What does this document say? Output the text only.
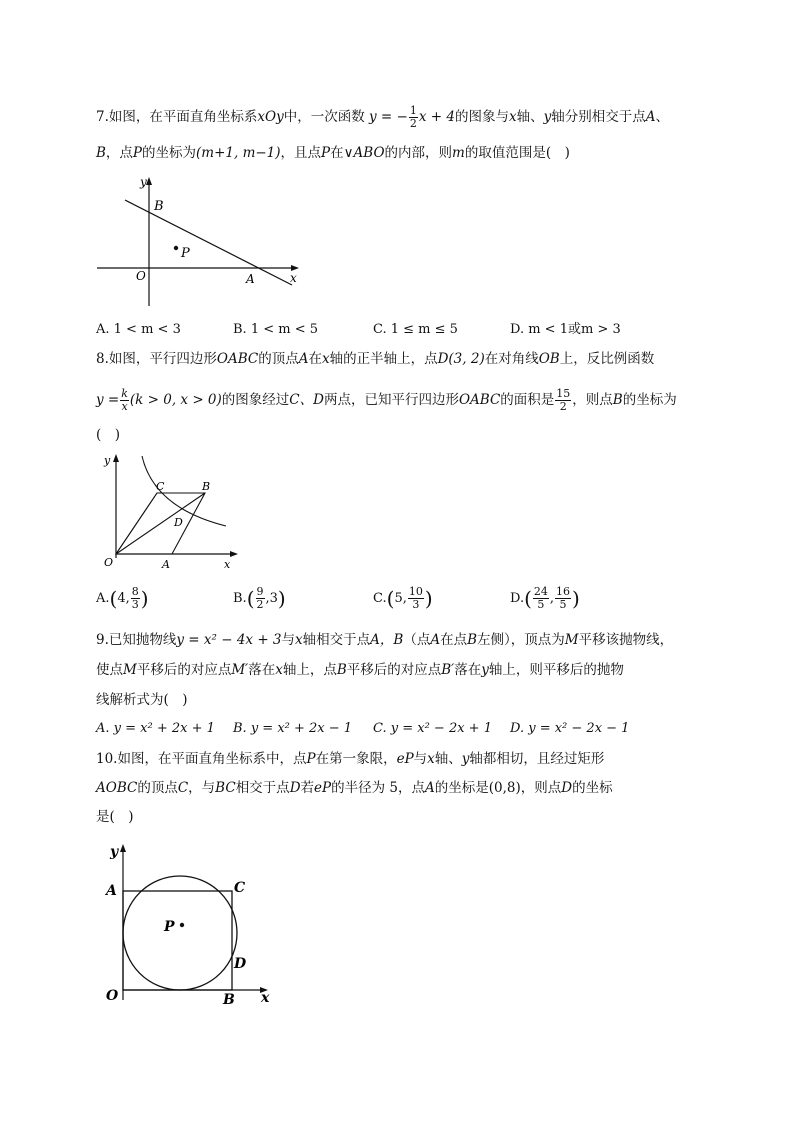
7.如图，在平面直角坐标系xOy中，一次函数 y = − $\frac{1}{2}$ x + 4的图象与x轴、y轴分别相交于点A、
B，点P的坐标为(m+1, m−1)，且点P在∨ABO的内部，则m的取值范围是(　)
y
x
O
B
A
P
A. 1 < m < 3	B. 1 < m < 5	C. 1 ≤ m ≤ 5	D. m < 1或m > 3
8.如图，平行四边形OABC的顶点A在x轴的正半轴上，点D(3, 2)在对角线OB上，反比例函数
$y = \frac{k}{x} (k > 0$, x > 0)的图象经过C、D两点，已知平行四边形OABC的面积是 $\frac{15}{2}$ ，则点B的坐标为
(　)
y
x
O	A
B
C
D
A.(4, $\frac{8}{3}$ )	$B.( \frac{9}{2} ,3)$	C.(5, $\frac{10}{3}$ )	$D.( \frac{24}{5}$ , $\frac{16}{5}$ )
9.已知抛物线y = x² − 4x + 3与x轴相交于点A，B（点A在点B左侧），顶点为M平移该抛物线，
使点M平移后的对应点M′落在x轴上，点B平移后的对应点B′落在y轴上，则平移后的抛物
线解析式为(　)
A. y = x² + 2x + 1 B. y = x² + 2x − 1 C. y = x² − 2x + 1 D. y = x² − 2x − 1
10.如图，在平面直角坐标系中，点P在第一象限，eP与x轴、y轴都相切，且经过矩形
AOBC的顶点C，与BC相交于点D若eP的半径为 5，点A的坐标是(0,8)，则点D的坐标
是(　)
y
x
O
A
B
C
D
P
